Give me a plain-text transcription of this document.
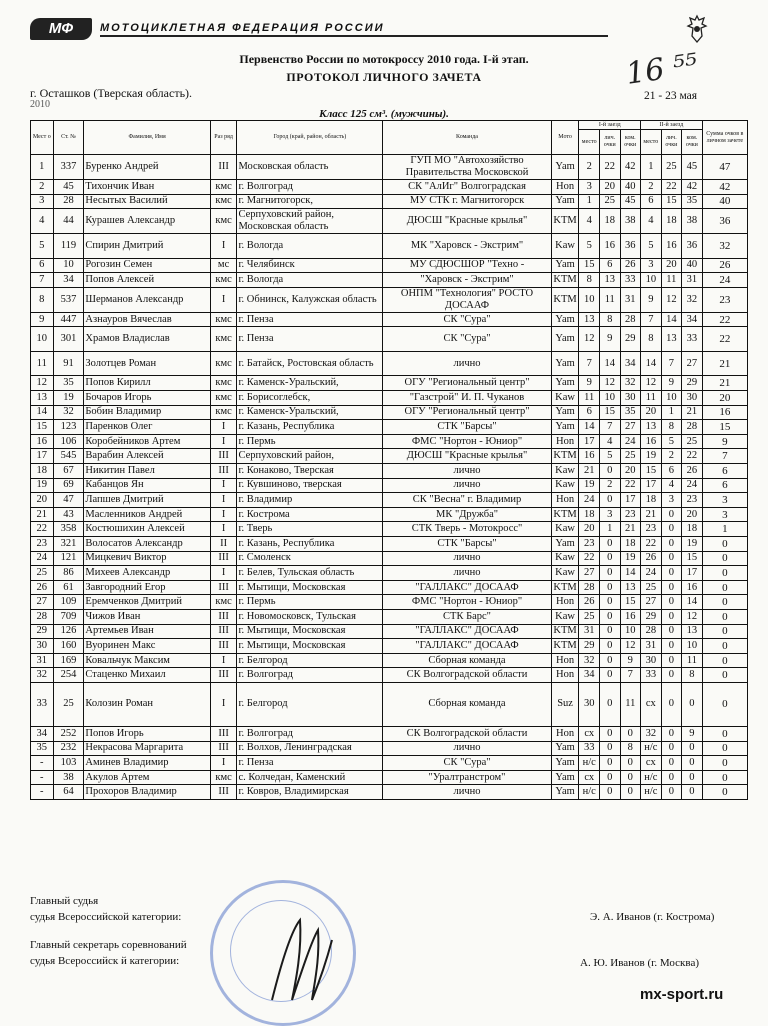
МФ	МОТОЦИКЛЕТНАЯ ФЕДЕРАЦИЯ РОССИИ
Первенство России по мотокроссу 2010 года. I-й этап.
ПРОТОКОЛ ЛИЧНОГО ЗАЧЕТА
г. Осташков (Тверская область).
2010
16 ⁵⁵
21 - 23 мая
Класс 125 см³. (мужчины).
Мест о	Ст. №	Фамилия, Имя	Раз ряд	Город (край, район, область)	Команда	Мото	I-й заезд			II-й заезд			Сумма очков в личном зачете
							место	лич. очки	ком. очки	место	лич. очки	ком. очки	
1	337	Буренко Андрей	III	Московская область	ГУП МО "Автохозяйство Правительства Московской	Yam	2	22	42	1	25	45	47
2	45	Тихончик Иван	кмс	г. Волгоград	СК "АлИг" Волгоградская	Hon	3	20	40	2	22	42	42
3	28	Несытых Василий	кмс	г. Магнитогорск,	МУ СТК г. Магнитогорск	Yam	1	25	45	6	15	35	40
4	44	Курашев Александр	кмс	Серпуховский район, Московская область	ДЮСШ "Красные крылья"	KTM	4	18	38	4	18	38	36
5	119	Спирин Дмитрий	I	г. Вологда	МК "Харовск - Экстрим"	Kaw	5	16	36	5	16	36	32
6	10	Рогозин Семен	мс	г. Челябинск	МУ СДЮСШОР "Техно -	Yam	15	6	26	3	20	40	26
7	34	Попов Алексей	кмс	г. Вологда	"Харовск - Экстрим"	KTM	8	13	33	10	11	31	24
8	537	Шерманов Александр	I	г. Обнинск, Калужская область	ОНПМ "Технология" РОСТО ДОСААФ	KTM	10	11	31	9	12	32	23
9	447	Азнауров Вячеслав	кмс	г. Пенза	СК "Сура"	Yam	13	8	28	7	14	34	22
10	301	Храмов Владислав	кмс	г. Пенза	СК "Сура"	Yam	12	9	29	8	13	33	22
11	91	Золотцев Роман	кмс	г. Батайск, Ростовская область	лично	Yam	7	14	34	14	7	27	21
12	35	Попов Кирилл	кмс	г. Каменск-Уральский,	ОГУ "Региональный центр"	Yam	9	12	32	12	9	29	21
13	19	Бочаров Игорь	кмс	г. Борисоглебск,	"Газстрой" И. П. Чуканов	Kaw	11	10	30	11	10	30	20
14	32	Бобин Владимир	кмс	г. Каменск-Уральский,	ОГУ "Региональный центр"	Yam	6	15	35	20	1	21	16
15	123	Паренков Олег	I	г. Казань, Республика	СТК "Барсы"	Yam	14	7	27	13	8	28	15
16	106	Коробейников Артем	I	г. Пермь	ФМС "Нортон - Юниор"	Hon	17	4	24	16	5	25	9
17	545	Варабин Алексей	III	Серпуховский район,	ДЮСШ "Красные крылья"	KTM	16	5	25	19	2	22	7
18	67	Никитин Павел	III	г. Конаково, Тверская	лично	Kaw	21	0	20	15	6	26	6
19	69	Кабанцов Ян	I	г. Кувшиново, тверская	лично	Kaw	19	2	22	17	4	24	6
20	47	Лапшев Дмитрий	I	г. Владимир	СК "Весна" г. Владимир	Hon	24	0	17	18	3	23	3
21	43	Масленников Андрей	I	г. Кострома	МК "Дружба"	KTM	18	3	23	21	0	20	3
22	358	Костюшихин Алексей	I	г. Тверь	СТК Тверь - Мотокросс"	Kaw	20	1	21	23	0	18	1
23	321	Волосатов Александр	II	г. Казань, Республика	СТК "Барсы"	Yam	23	0	18	22	0	19	0
24	121	Мицкевич Виктор	III	г. Смоленск	лично	Kaw	22	0	19	26	0	15	0
25	86	Михеев Александр	I	г. Белев, Тульская область	лично	Kaw	27	0	14	24	0	17	0
26	61	Завгородний Егор	III	г. Мытищи, Московская	"ГАЛЛАКС" ДОСААФ	KTM	28	0	13	25	0	16	0
27	109	Еремченков Дмитрий	кмс	г. Пермь	ФМС "Нортон - Юниор"	Hon	26	0	15	27	0	14	0
28	709	Чижов Иван	III	г. Новомосковск, Тульская	СТК Барс"	Kaw	25	0	16	29	0	12	0
29	126	Артемьев Иван	III	г. Мытищи, Московская	"ГАЛЛАКС" ДОСААФ	KTM	31	0	10	28	0	13	0
30	160	Вуоринен Макс	III	г. Мытищи, Московская	"ГАЛЛАКС" ДОСААФ	KTM	29	0	12	31	0	10	0
31	169	Ковальчук Максим	I	г. Белгород	Сборная команда	Hon	32	0	9	30	0	11	0
32	254	Стаценко Михаил	III	г. Волгоград	СК Волгоградской области	Hon	34	0	7	33	0	8	0
33	25	Колозин Роман	I	г. Белгород	Сборная команда	Suz	30	0	11	сх	0	0	0
34	252	Попов Игорь	III	г. Волгоград	СК Волгоградской области	Hon	сх	0	0	32	0	9	0
35	232	Некрасова Маргарита	III	г. Волхов, Ленинградская	лично	Yam	33	0	8	н/с	0	0	0
-	103	Аминев Владимир	I	г. Пенза	СК "Сура"	Yam	н/с	0	0	сх	0	0	0
-	38	Акулов Артем	кмс	с. Колчедан, Каменский	"Уралтранстром"	Yam	сх	0	0	н/с	0	0	0
-	64	Прохоров Владимир	III	г. Ковров, Владимирская	лично	Yam	н/с	0	0	н/с	0	0	0
Главный судья
судья Всероссийской категории:	Э. А. Иванов (г. Кострома)
Главный секретарь соревнований
судья Всероссийск й категории:	А. Ю. Иванов (г. Москва)
mx-sport.ru
